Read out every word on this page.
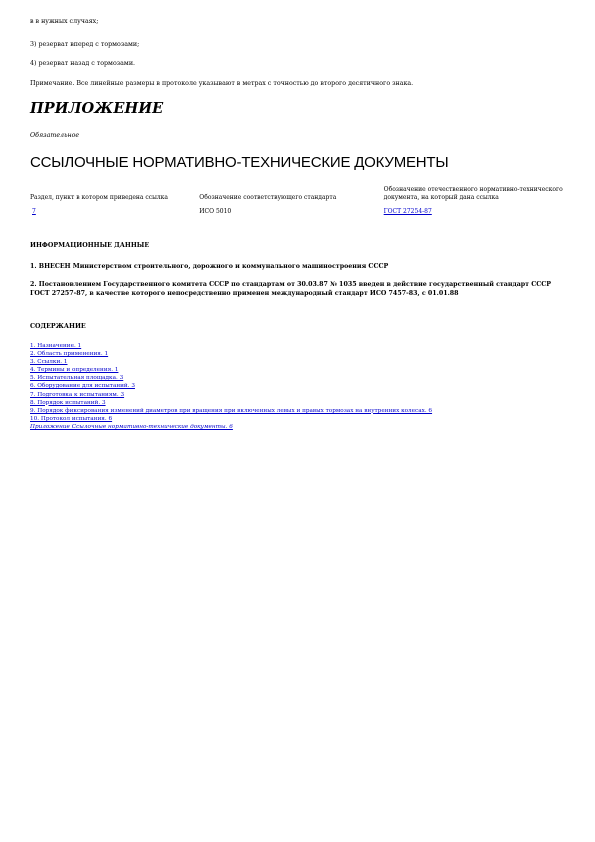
в в нужных случаях;

3) резерват вперед с тормозами;

4) резерват назад с тормозами.

Примечание. Все линейные размеры в протоколе указывают в метрах с точностью до второго десятичного знака.

ПРИЛОЖЕНИЕ

Обязательное

ССЫЛОЧНЫЕ НОРМАТИВНО-ТЕХНИЧЕСКИЕ ДОКУМЕНТЫ
Раздел, пункт в котором приведена ссылка	Обозначение соответствующего стандарта	Обозначение отечественного нормативно-технического документа, на который дана ссылка
7	ИСО 5010	ГОСТ 27254-87

ИНФОРМАЦИОННЫЕ ДАННЫЕ

1. ВНЕСЕН Министерством строительного, дорожного и коммунального машиностроения СССР

2. Постановлением Государственного комитета СССР по стандартам от 30.03.87 № 1035 введен в действие государственный стандарт СССР ГОСТ 27257-87, в качестве которого непосредственно применен международный стандарт ИСО 7457-83, с 01.01.88

СОДЕРЖАНИЕ

1. Назначение. 1
2. Область применения. 1
3. Ссылки. 1
4. Термины и определения. 1
5. Испытательная площадка. 3
6. Оборудование для испытаний. 3
7. Подготовка к испытаниям. 3
8. Порядок испытаний. 3
9. Порядок фиксирования изменений диаметров при вращения при включенных левых и правых тормозах на внутренних колесах. 6
10. Протокол испытания. 6
Приложение Ссылочные нормативно-технические документы. 6
